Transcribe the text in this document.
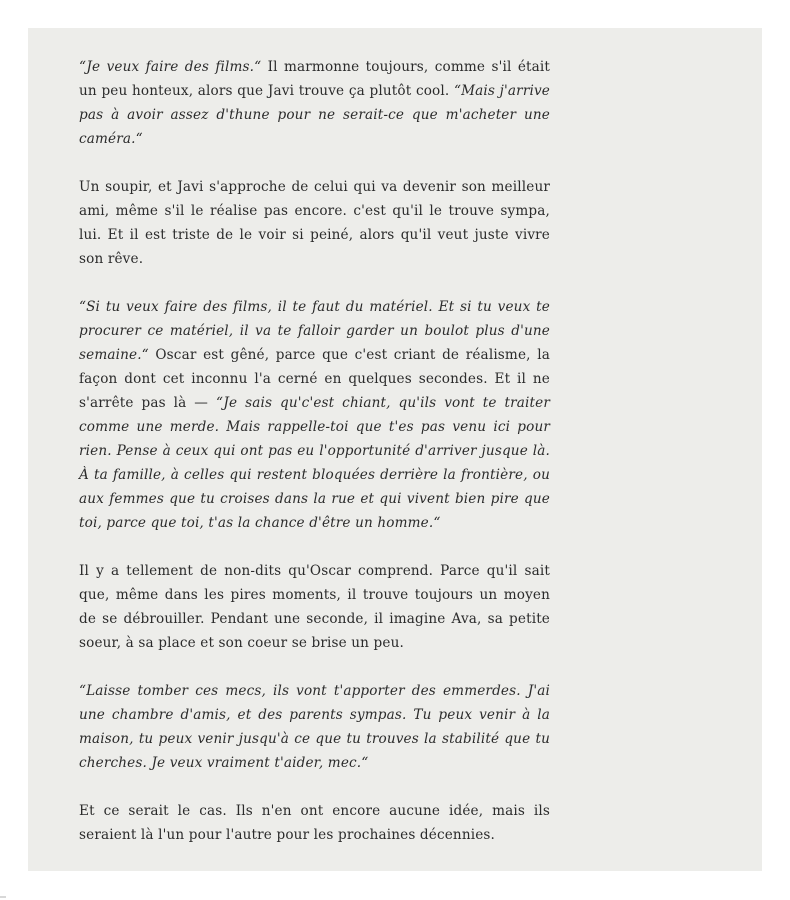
“Je veux faire des films.“ Il marmonne toujours, comme s'il était un peu honteux, alors que Javi trouve ça plutôt cool. “Mais j'arrive pas à avoir assez d'thune pour ne serait-ce que m'acheter une caméra.“

Un soupir, et Javi s'approche de celui qui va devenir son meilleur ami, même s'il le réalise pas encore. c'est qu'il le trouve sympa, lui. Et il est triste de le voir si peiné, alors qu'il veut juste vivre son rêve.

“Si tu veux faire des films, il te faut du matériel. Et si tu veux te procurer ce matériel, il va te falloir garder un boulot plus d'une semaine.“ Oscar est gêné, parce que c'est criant de réalisme, la façon dont cet inconnu l'a cerné en quelques secondes. Et il ne s'arrête pas là — “Je sais qu'c'est chiant, qu'ils vont te traiter comme une merde. Mais rappelle-toi que t'es pas venu ici pour rien. Pense à ceux qui ont pas eu l'opportunité d'arriver jusque là. À ta famille, à celles qui restent bloquées derrière la frontière, ou aux femmes que tu croises dans la rue et qui vivent bien pire que toi, parce que toi, t'as la chance d'être un homme.“

Il y a tellement de non-dits qu'Oscar comprend. Parce qu'il sait que, même dans les pires moments, il trouve toujours un moyen de se débrouiller. Pendant une seconde, il imagine Ava, sa petite soeur, à sa place et son coeur se brise un peu.

“Laisse tomber ces mecs, ils vont t'apporter des emmerdes. J'ai une chambre d'amis, et des parents sympas. Tu peux venir à la maison, tu peux venir jusqu'à ce que tu trouves la stabilité que tu cherches. Je veux vraiment t'aider, mec.“

Et ce serait le cas. Ils n'en ont encore aucune idée, mais ils seraient là l'un pour l'autre pour les prochaines décennies.
